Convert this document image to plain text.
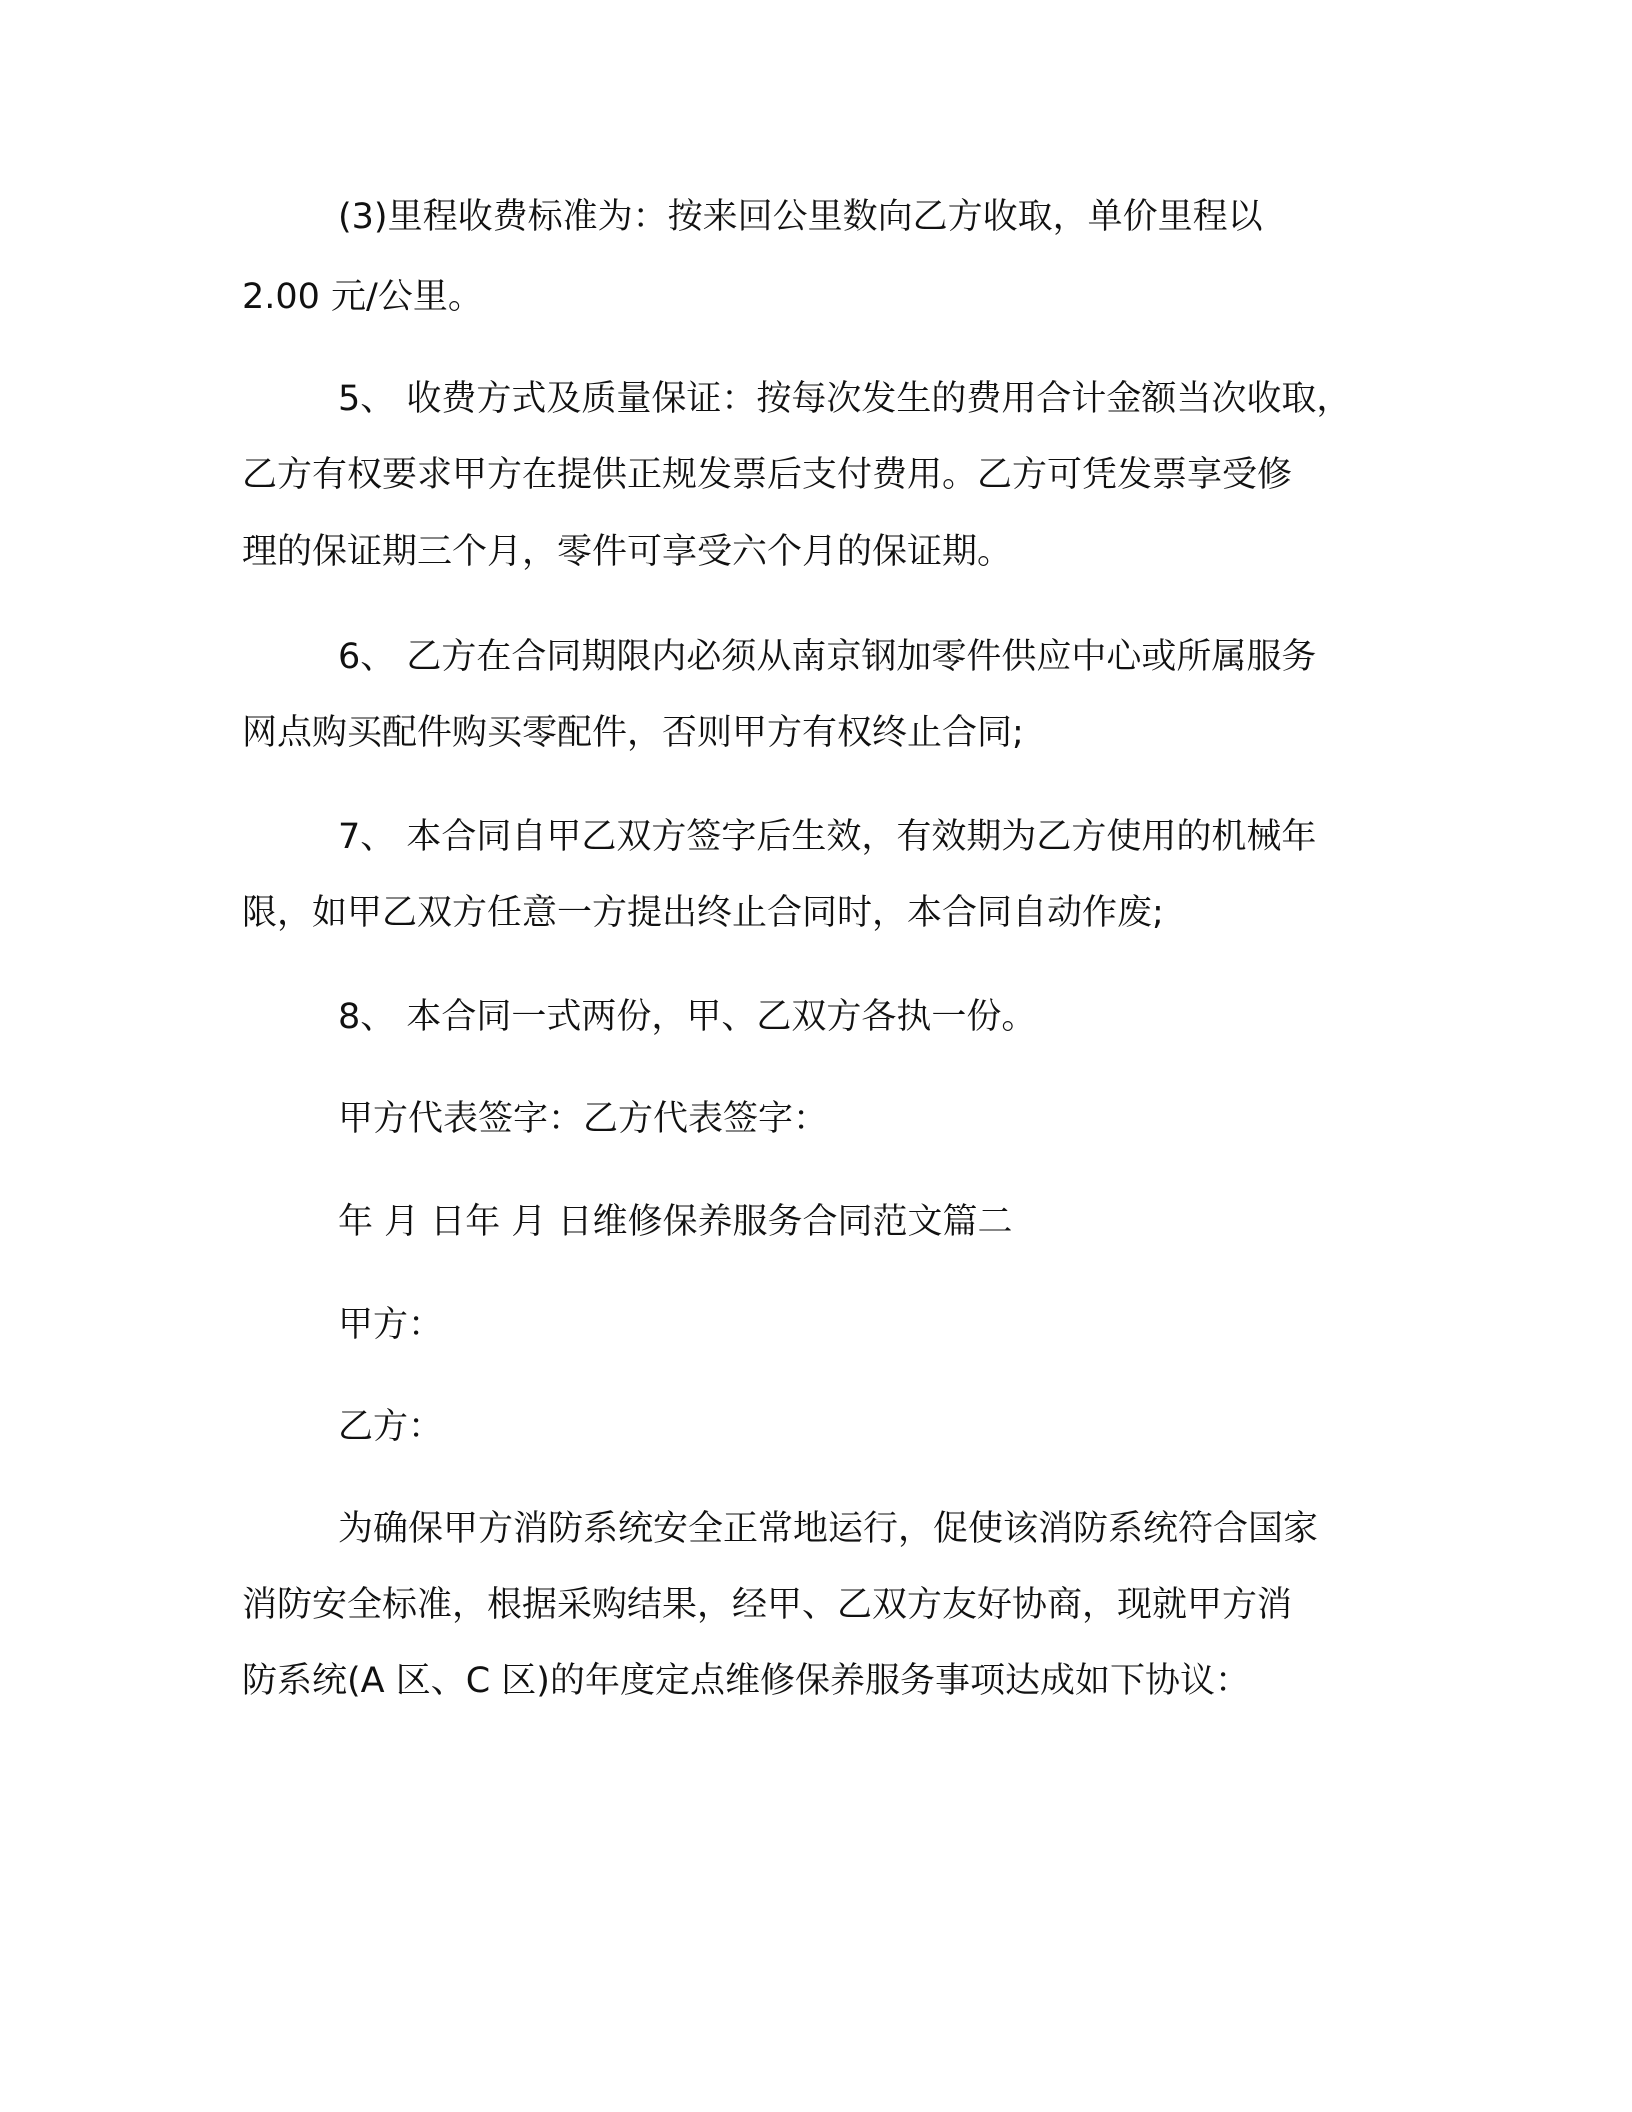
(3)里程收费标准为：按来回公里数向乙方收取，单价里程以
2.00 元/公里。
5、 收费方式及质量保证：按每次发生的费用合计金额当次收取，
乙方有权要求甲方在提供正规发票后支付费用。乙方可凭发票享受修
理的保证期三个月，零件可享受六个月的保证期。
6、 乙方在合同期限内必须从南京钢加零件供应中心或所属服务
网点购买配件购买零配件，否则甲方有权终止合同;
7、 本合同自甲乙双方签字后生效，有效期为乙方使用的机械年
限，如甲乙双方任意一方提出终止合同时，本合同自动作废;
8、 本合同一式两份，甲、乙双方各执一份。
甲方代表签字：乙方代表签字：
年 月 日年 月 日维修保养服务合同范文篇二
甲方：
乙方：
为确保甲方消防系统安全正常地运行，促使该消防系统符合国家
消防安全标准，根据采购结果，经甲、乙双方友好协商，现就甲方消
防系统(A 区、C 区)的年度定点维修保养服务事项达成如下协议：
